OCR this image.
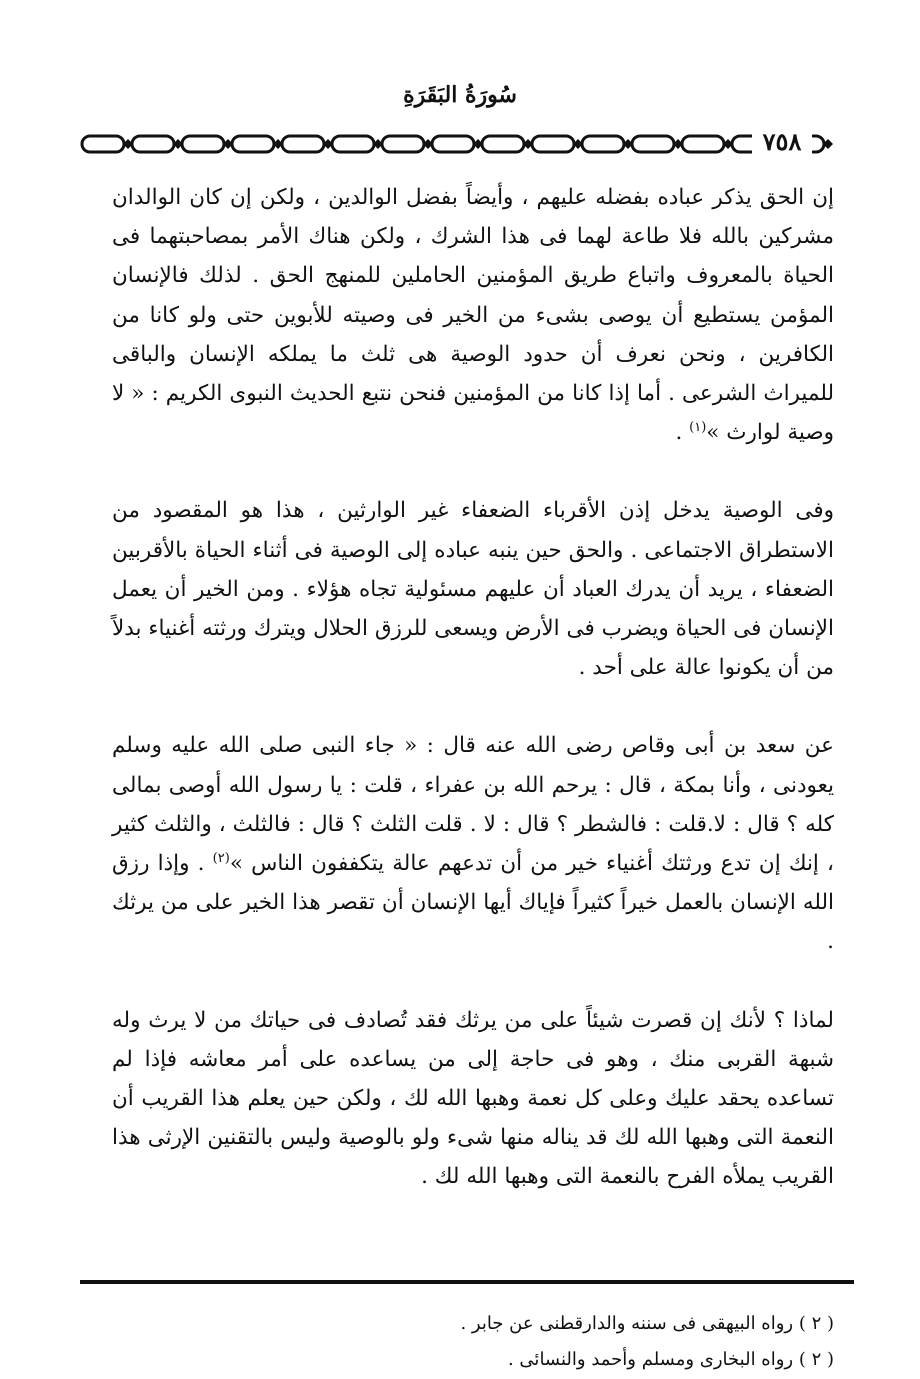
سُورَةُ البَقَرَةِ
٧٥٨

إن الحق يذكر عباده بفضله عليهم ، وأيضاً بفضل الوالدين ، ولكن إن كان الوالدان مشركين بالله فلا طاعة لهما فى هذا الشرك ، ولكن هناك الأمر بمصاحبتهما فى الحياة بالمعروف واتباع طريق المؤمنين الحاملين للمنهج الحق . لذلك فالإنسان المؤمن يستطيع أن يوصى بشىء من الخير فى وصيته للأبوين حتى ولو كانا من الكافرين ، ونحن نعرف أن حدود الوصية هى ثلث ما يملكه الإنسان والباقى للميراث الشرعى . أما إذا كانا من المؤمنين فنحن نتبع الحديث النبوى الكريم : « لا وصية لوارث »$^{(١)}$ .

وفى الوصية يدخل إذن الأقرباء الضعفاء غير الوارثين ، هذا هو المقصود من الاستطراق الاجتماعى . والحق حين ينبه عباده إلى الوصية فى أثناء الحياة بالأقربين الضعفاء ، يريد أن يدرك العباد أن عليهم مسئولية تجاه هؤلاء . ومن الخير أن يعمل الإنسان فى الحياة ويضرب فى الأرض ويسعى للرزق الحلال ويترك ورثته أغنياء بدلاً من أن يكونوا عالة على أحد .

عن سعد بن أبى وقاص رضى الله عنه قال : « جاء النبى صلى الله عليه وسلم يعودنى ، وأنا بمكة ، قال : يرحم الله بن عفراء ، قلت : يا رسول الله أوصى بمالى كله ؟ قال : لا.قلت : فالشطر ؟ قال : لا . قلت الثلث ؟ قال : فالثلث ، والثلث كثير ، إنك إن تدع ورثتك أغنياء خير من أن تدعهم عالة يتكففون الناس »$^{(٢)}$ . وإذا رزق الله الإنسان بالعمل خيراً كثيراً فإياك أيها الإنسان أن تقصر هذا الخير على من يرثك .

لماذا ؟ لأنك إن قصرت شيئاً على من يرثك فقد تُصادف فى حياتك من لا يرث وله شبهة القربى منك ، وهو فى حاجة إلى من يساعده على أمر معاشه فإذا لم تساعده يحقد عليك وعلى كل نعمة وهبها الله لك ، ولكن حين يعلم هذا القريب أن النعمة التى وهبها الله لك قد يناله منها شىء ولو بالوصية وليس بالتقنين الإرثى هذا القريب يملأه الفرح بالنعمة التى وهبها الله لك .

( ٢ ) رواه البيهقى فى ‎سننه والدارقطنى عن جابر .
( ٢ ) رواه البخارى ومسلم وأحمد والنسائى .
